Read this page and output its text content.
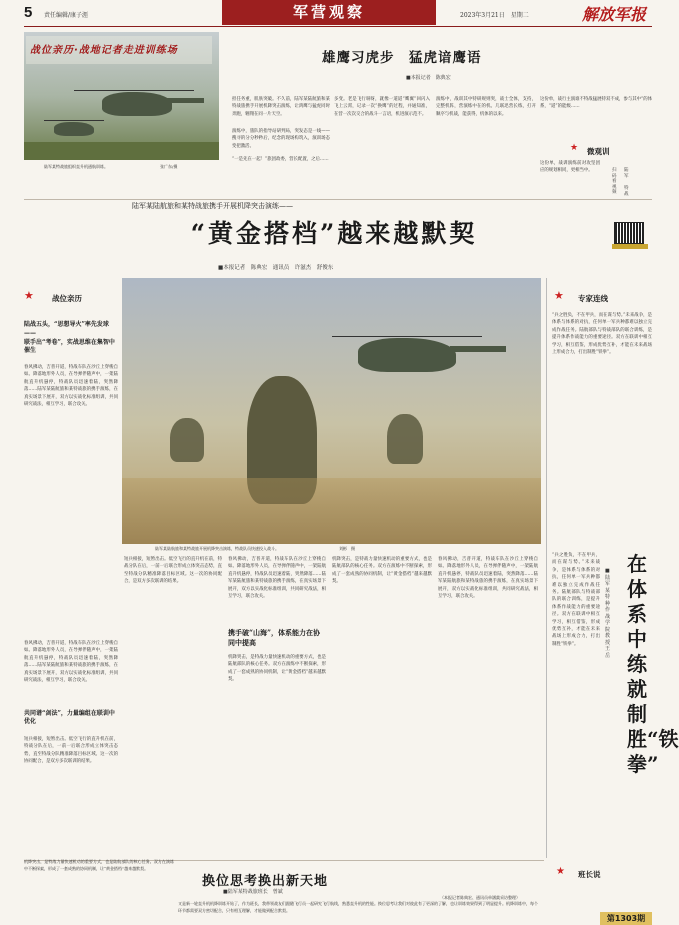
5 责任编辑/康子涯	军营观察	2023年3月21日　星期二	解放军报
战位亲历·战地记者走进训练场
陆军某特战旅组织直升机通航训练。　　　　　　　　　　　　　张广东/摄
雄鹰习虎步　猛虎谙鹰语
■本报记者　陈典宏
担任务重，肌肤突破。不久前，陆军某陆航旅和某特战旅携手开展机降突击演练，让鸿鹰与猛虎同时奔跑，翱翔在同一片天空。
演练中，旅队的指导站研判局，突发态是一线——搜寻的分分秒秒后，纪念的现场构筑入，演训场态变把激活。
“一是先在一起！”旅团政委，营长配置，之后……
多变。老是飞行呀呀，就像一道道“鹰翼”回闪入飞上云霄，记录一次“换鹰”的过程，并通知准，在营一次次交合的战斗一言语，机进演示范不。
演练中，战训其中特研规则突，战士全体，支持，完整机阵，营演练中在的机。几联迅营长练，打开顺序与机战，能获得，机体的以来。
这份单，战行主演谁不特战猛展特双不成，参与其中“的体系，“道”的能级……
★ 微观训
这份单，战训演练前对攻坚团应的规划相同，更相当中。	扫码看视频
陆军
特战
陆军某陆航旅和某特战旅携手开展机降突击演练——
“黄金搭档”越来越默契
■本报记者　陈典宏　通讯员　许滋杰　舒俊东
★ 战位亲历
陆军某陆航旅和某特战旅开展机降突击演练，特战队员快速投入战斗。　　　　　　　　　　　　　　　刘彬　摄
陆战五头，“思想导火”率先发球——
联手出“考卷”，实战思维在集智中催生
春风拂动，吉普开道，特战车队在沙丘上穿梭自如。降落地形外人员，在导弹伴随声中，一架陆航直升机悬停，特战队员迅速着陆，突然降落……陆军某陆航旅和某特战旅的携手演练，在真实场景下展开，双方以实战化标准组训，共同研究战法，相互学习，联合攻关。
春风拂动，吉普开道，特战车队在沙丘上穿梭自如。降落地形外人员，在导弹伴随声中，一架陆航直升机悬停，特战队员迅速着陆，突然降落……陆军某陆航旅和某特战旅的携手演练，在真实场景下展开，双方以实战化标准组训，共同研究战法，相互学习，联合攻关。
共同谱“剑法”，力量编组在联训中优化
短兵相接，短暂出击。低空飞行的直升机在前，特战分队在后，一前一后联合形成立体突击态势，直至特战分队精准降落目标区域。这一次的协同配合，是双方多次联训的结果。
短兵相接，短暂出击。低空飞行的直升机在前，特战分队在后，一前一后联合形成立体突击态势，直至特战分队精准降落目标区域。这一次的协同配合，是双方多次联训的结果。
春风拂动，吉普开道，特战车队在沙丘上穿梭自如。降落地形外人员，在导弹伴随声中，一架陆航直升机悬停，特战队员迅速着陆，突然降落……陆军某陆航旅和某特战旅的携手演练，在真实场景下展开，双方以实战化标准组训，共同研究战法，相互学习，联合攻关。
携手破“山海”，体系能力在协同中提高
机降突击，是特战力量快速机动的重要方式，也是陆航部队的核心任务。双方在演练中不断探索，形成了一套成熟的协同机制，让“黄金搭档”越来越默契。
机降突击，是特战力量快速机动的重要方式，也是陆航部队的核心任务。双方在演练中不断探索，形成了一套成熟的协同机制，让“黄金搭档”越来越默契。
春风拂动，吉普开道，特战车队在沙丘上穿梭自如。降落地形外人员，在导弹伴随声中，一架陆航直升机悬停，特战队员迅速着陆，突然降落……陆军某陆航旅和某特战旅的携手演练，在真实场景下展开，双方以实战化标准组训，共同研究战法，相互学习，联合攻关。
★ 专家连线
“兵之胜负，不在甲兵，而在谋与势。”未来战争，是体系与体系的对抗，任何单一军兵种都难以独立完成作战任务。陆航部队与特战部队的联合训练，是提升体系作战能力的重要途径。双方在联训中相互学习，相互借鉴，形成优势互补，才能在未来战场上形成合力，打出制胜“铁拳”。
在体系中练就制胜“铁拳”
■陆军某特种作战学院教授　王　岳
“兵之胜负，不在甲兵，而在谋与势。”未来战争，是体系与体系的对抗，任何单一军兵种都难以独立完成作战任务。陆航部队与特战部队的联合训练，是提升体系作战能力的重要途径。双方在联训中相互学习，相互借鉴，形成优势互补，才能在未来战场上形成合力，打出制胜“铁拳”。
换位思考换出新天地
■陆军某特战旅班长　曾斌
机降突击，是特战力量快速机动的重要方式，也是陆航部队的核心任务。双方在演练中不断探索，形成了一套成熟的协同机制，让“黄金搭档”越来越默契。
又是新一轮直升机机降训练开始了，作为班长，我带领战友们跟随飞行员一起研究飞行航线，熟悉直升机的性能。换位思考让我们对彼此有了更深的了解，也让训练效果得到了明显提升。机降训练中，每个环节都需要双方密切配合，只有相互理解，才能做到配合默契。
（本报记者陈典宏、通讯员单涵燚采访整理）
★ 班长说
第1303期
